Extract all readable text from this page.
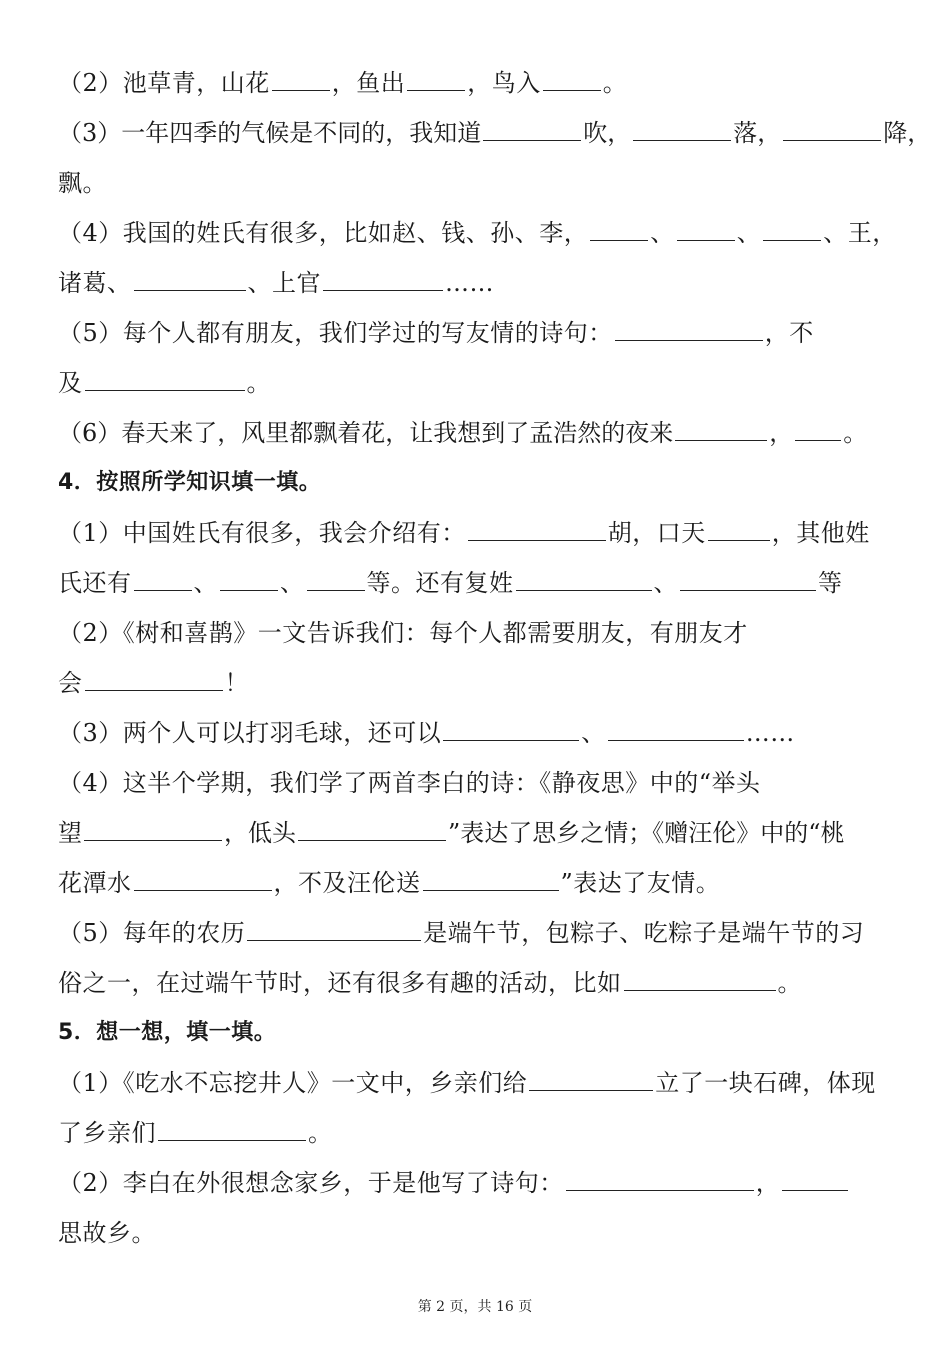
（2）池草青，山花	，鱼出	，鸟入	。
（3）一年四季的气候是不同的，我知道	吹，	落，	降，
飘。
（4）我国的姓氏有很多，比如赵、钱、孙、李，	、	、	、王，
诸葛、	、上官	……
（5）每个人都有朋友，我们学过的写友情的诗句：	，不
及	。
（6）春天来了，风里都飘着花，让我想到了孟浩然的夜来	， 。
4．按照所学知识填一填。
（1）中国姓氏有很多，我会介绍有：	胡，口天	，其他姓
氏还有	、	、	等。还有复姓	、	等
（2）《树和喜鹊》一文告诉我们：每个人都需要朋友，有朋友才
会	！
（3）两个人可以打羽毛球，还可以	、	……
（4）这半个学期，我们学了两首李白的诗：《静夜思》中的“举头
望	，低头	”表达了思乡之情；《赠汪伦》中的“桃
花潭水	，不及汪伦送	”表达了友情。
（5）每年的农历	是端午节，包粽子、吃粽子是端午节的习
俗之一，在过端午节时，还有很多有趣的活动，比如	。
5．想一想，填一填。
（1）《吃水不忘挖井人》一文中，乡亲们给	立了一块石碑，体现
了乡亲们	。
（2）李白在外很想念家乡，于是他写了诗句：	，
思故乡。
第 2 页，共 16 页
